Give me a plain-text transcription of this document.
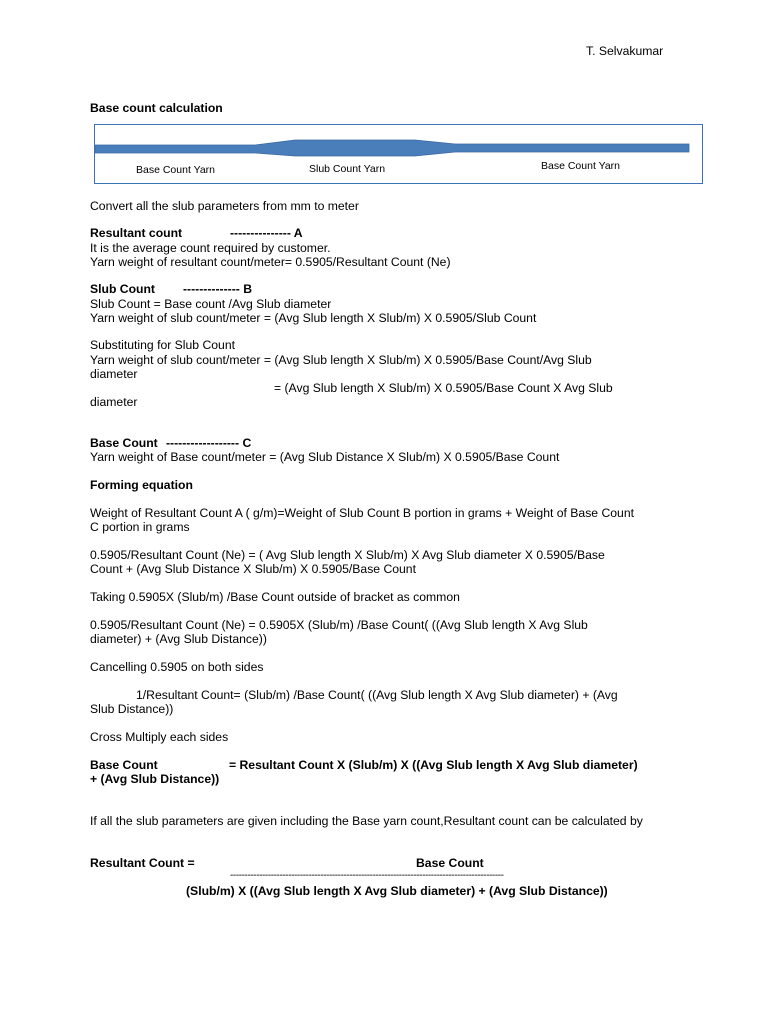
T. Selvakumar
Base count calculation
Base Count Yarn	Slub Count Yarn	Base Count Yarn
Convert all the slub parameters from mm to meter
Resultant count	--------------- A
It is the average count required by customer.
Yarn weight of resultant count/meter= 0.5905/Resultant Count (Ne)
Slub Count -------------- B
Slub Count = Base count /Avg Slub diameter
Yarn weight of slub count/meter = (Avg Slub length X Slub/m) X 0.5905/Slub Count
Substituting for Slub Count
Yarn weight of slub count/meter = (Avg Slub length X Slub/m) X 0.5905/Base Count/Avg Slub
diameter
= (Avg Slub length X Slub/m) X 0.5905/Base Count X Avg Slub
diameter
Base Count ------------------ C
Yarn weight of Base count/meter = (Avg Slub Distance X Slub/m) X 0.5905/Base Count
Forming equation
Weight of Resultant Count A ( g/m)=Weight of Slub Count B portion in grams + Weight of Base Count
C portion in grams
0.5905/Resultant Count (Ne) = ( Avg Slub length X Slub/m) X Avg Slub diameter X 0.5905/Base
Count + (Avg Slub Distance X Slub/m) X 0.5905/Base Count
Taking 0.5905X (Slub/m) /Base Count outside of bracket as common
0.5905/Resultant Count (Ne) = 0.5905X (Slub/m) /Base Count( ((Avg Slub length X Avg Slub
diameter) + (Avg Slub Distance))
Cancelling 0.5905 on both sides
1/Resultant Count= (Slub/m) /Base Count( ((Avg Slub length X Avg Slub diameter) + (Avg
Slub Distance))
Cross Multiply each sides
Base Count	= Resultant Count X (Slub/m) X ((Avg Slub length X Avg Slub diameter)
+ (Avg Slub Distance))
If all the slub parameters are given including the Base yarn count,Resultant count can be calculated by
Resultant Count =	Base Count
----------------------------------------------------------------------------------------------
(Slub/m) X ((Avg Slub length X Avg Slub diameter) + (Avg Slub Distance))
